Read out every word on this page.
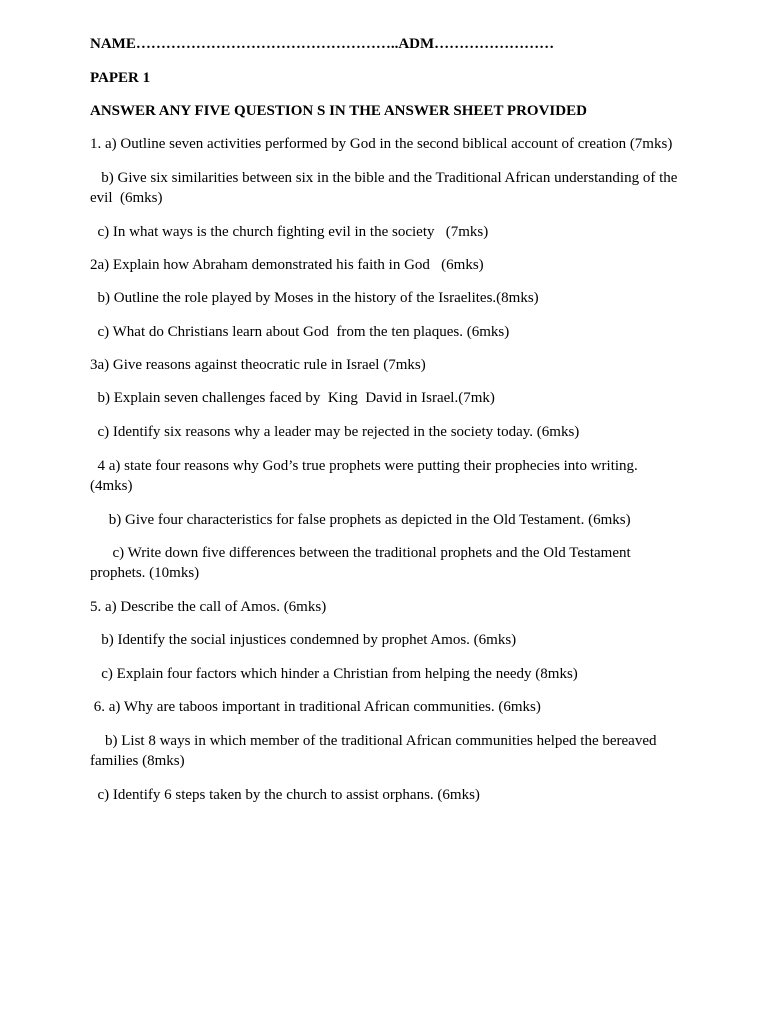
NAME……………………………………………..ADM……………………
PAPER 1
ANSWER ANY FIVE QUESTION S IN THE ANSWER SHEET PROVIDED
1. a) Outline seven activities performed by God in the second biblical account of creation (7mks)
b) Give six similarities between six in the bible and the Traditional African understanding of the evil  (6mks)
c) In what ways is the church fighting evil in the society   (7mks)
2a) Explain how Abraham demonstrated his faith in God   (6mks)
b) Outline the role played by Moses in the history of the Israelites.(8mks)
c) What do Christians learn about God  from the ten plaques. (6mks)
3a) Give reasons against theocratic rule in Israel (7mks)
b) Explain seven challenges faced by  King  David in Israel.(7mk)
c) Identify six reasons why a leader may be rejected in the society today. (6mks)
4 a) state four reasons why God’s true prophets were putting their prophecies into writing. (4mks)
b) Give four characteristics for false prophets as depicted in the Old Testament. (6mks)
c) Write down five differences between the traditional prophets and the Old Testament prophets. (10mks)
5. a) Describe the call of Amos. (6mks)
b) Identify the social injustices condemned by prophet Amos. (6mks)
c) Explain four factors which hinder a Christian from helping the needy (8mks)
6. a) Why are taboos important in traditional African communities. (6mks)
b) List 8 ways in which member of the traditional African communities helped the bereaved families (8mks)
c) Identify 6 steps taken by the church to assist orphans. (6mks)
